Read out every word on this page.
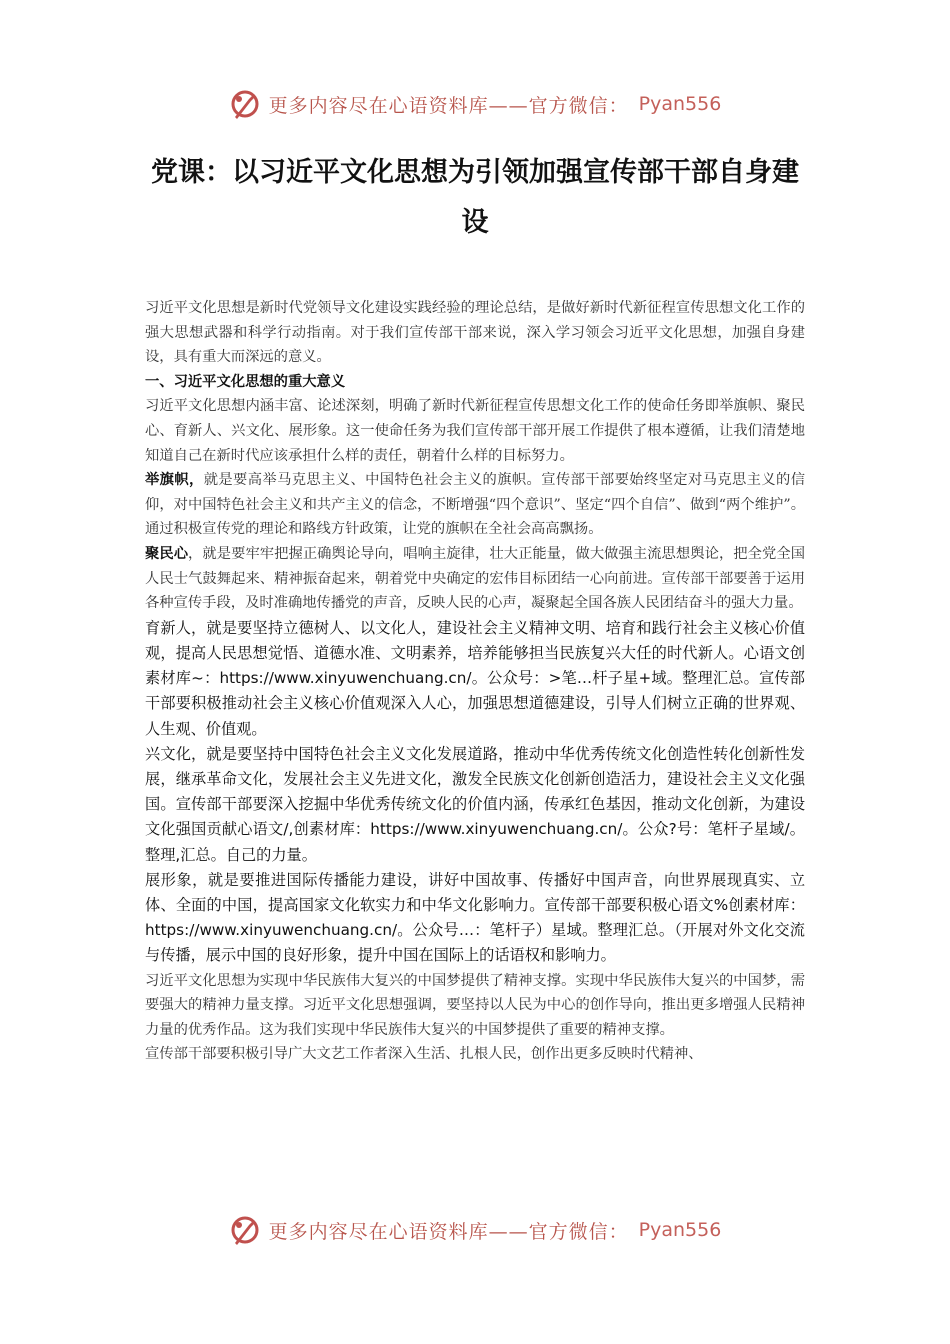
更多内容尽在心语资料库——官方微信： Pyan556
党课：以习近平文化思想为引领加强宣传部干部自身建设

习近平文化思想是新时代党领导文化建设实践经验的理论总结，是做好新时代新征程宣传思想文化工作的强大思想武器和科学行动指南。对于我们宣传部干部来说，深入学习领会习近平文化思想，加强自身建设，具有重大而深远的意义。

一、习近平文化思想的重大意义

习近平文化思想内涵丰富、论述深刻，明确了新时代新征程宣传思想文化工作的使命任务即举旗帜、聚民心、育新人、兴文化、展形象。这一使命任务为我们宣传部干部开展工作提供了根本遵循，让我们清楚地知道自己在新时代应该承担什么样的责任，朝着什么样的目标努力。

举旗帜，就是要高举马克思主义、中国特色社会主义的旗帜。宣传部干部要始终坚定对马克思主义的信仰，对中国特色社会主义和共产主义的信念，不断增强“四个意识”、坚定“四个自信”、做到“两个维护”。通过积极宣传党的理论和路线方针政策，让党的旗帜在全社会高高飘扬。

聚民心，就是要牢牢把握正确舆论导向，唱响主旋律，壮大正能量，做大做强主流思想舆论，把全党全国人民士气鼓舞起来、精神振奋起来，朝着党中央确定的宏伟目标团结一心向前进。宣传部干部要善于运用各种宣传手段，及时准确地传播党的声音，反映人民的心声，凝聚起全国各族人民团结奋斗的强大力量。

育新人，就是要坚持立德树人、以文化人，建设社会主义精神文明、培育和践行社会主义核心价值观，提高人民思想觉悟、道德水准、文明素养，培养能够担当民族复兴大任的时代新人。心语文创素材库~：https://www.xinyuwenchuang.cn/。公众号：>笔…杆子星+域。整理汇总。宣传部干部要积极推动社会主义核心价值观深入人心，加强思想道德建设，引导人们树立正确的世界观、人生观、价值观。

兴文化，就是要坚持中国特色社会主义文化发展道路，推动中华优秀传统文化创造性转化创新性发展，继承革命文化，发展社会主义先进文化，激发全民族文化创新创造活力，建设社会主义文化强国。宣传部干部要深入挖掘中华优秀传统文化的价值内涵，传承红色基因，推动文化创新，为建设文化强国贡献心语文/,创素材库：https://www.xinyuwenchuang.cn/。公众?号：笔杆子星域/。整理,汇总。自己的力量。

展形象，就是要推进国际传播能力建设，讲好中国故事、传播好中国声音，向世界展现真实、立体、全面的中国，提高国家文化软实力和中华文化影响力。宣传部干部要积极心语文%创素材库：https://www.xinyuwenchuang.cn/。公众号…：笔杆子）星域。整理汇总。（开展对外文化交流与传播，展示中国的良好形象，提升中国在国际上的话语权和影响力。

习近平文化思想为实现中华民族伟大复兴的中国梦提供了精神支撑。实现中华民族伟大复兴的中国梦，需要强大的精神力量支撑。习近平文化思想强调，要坚持以人民为中心的创作导向，推出更多增强人民精神力量的优秀作品。这为我们实现中华民族伟大复兴的中国梦提供了重要的精神支撑。

宣传部干部要积极引导广大文艺工作者深入生活、扎根人民，创作出更多反映时代精神、

更多内容尽在心语资料库——官方微信： Pyan556
